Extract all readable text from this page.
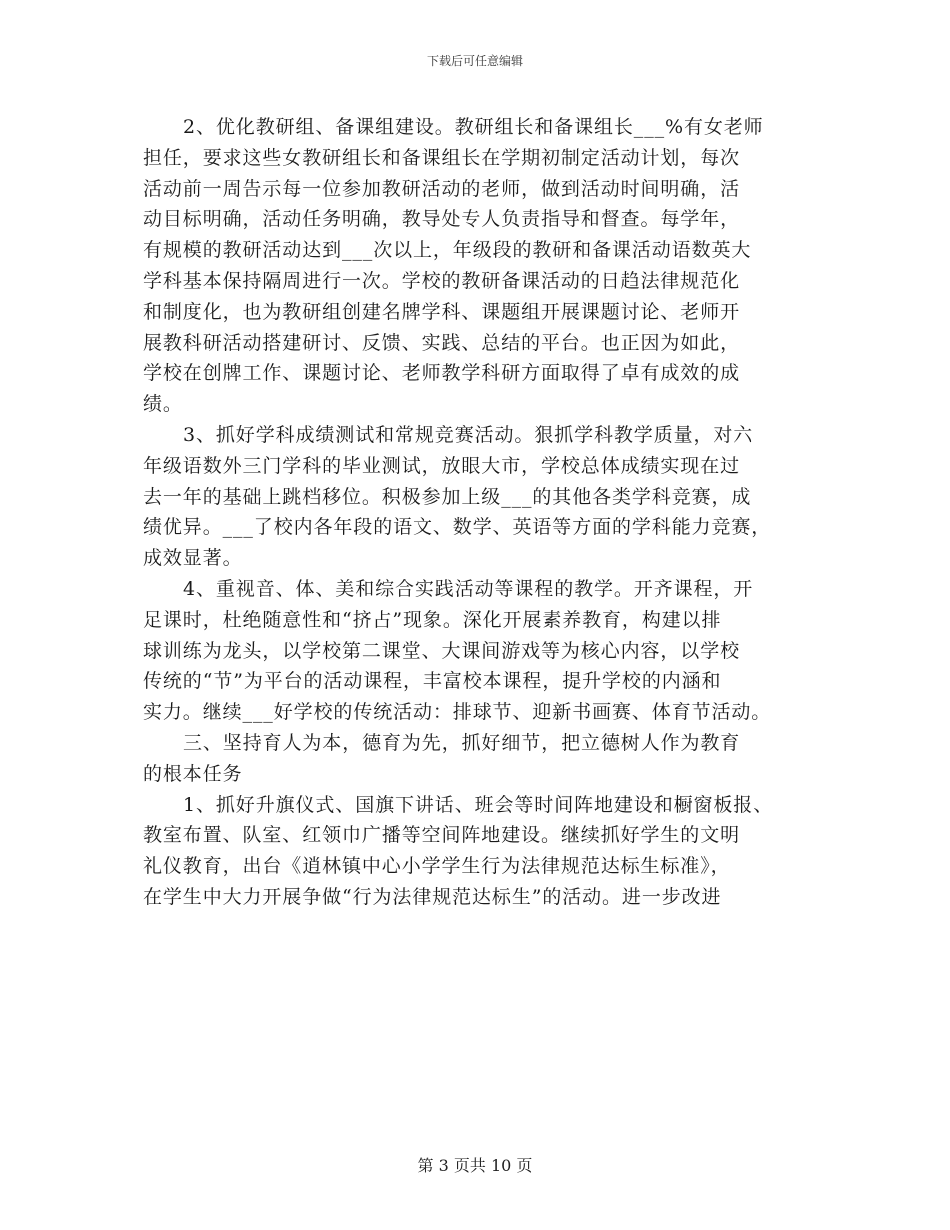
下载后可任意编辑

2、优化教研组、备课组建设。教研组长和备课组长___%有女老师
担任，要求这些女教研组长和备课组长在学期初制定活动计划，每次
活动前一周告示每一位参加教研活动的老师，做到活动时间明确，活
动目标明确，活动任务明确，教导处专人负责指导和督查。每学年，
有规模的教研活动达到___次以上，年级段的教研和备课活动语数英大
学科基本保持隔周进行一次。学校的教研备课活动的日趋法律规范化
和制度化，也为教研组创建名牌学科、课题组开展课题讨论、老师开
展教科研活动搭建研讨、反馈、实践、总结的平台。也正因为如此，
学校在创牌工作、课题讨论、老师教学科研方面取得了卓有成效的成
绩。

3、抓好学科成绩测试和常规竞赛活动。狠抓学科教学质量，对六
年级语数外三门学科的毕业测试，放眼大市，学校总体成绩实现在过
去一年的基础上跳档移位。积极参加上级___的其他各类学科竞赛，成
绩优异。___了校内各年段的语文、数学、英语等方面的学科能力竞赛，
成效显著。

4、重视音、体、美和综合实践活动等课程的教学。开齐课程，开
足课时，杜绝随意性和“挤占”现象。深化开展素养教育，构建以排
球训练为龙头，以学校第二课堂、大课间游戏等为核心内容，以学校
传统的“节”为平台的活动课程，丰富校本课程，提升学校的内涵和
实力。继续___好学校的传统活动：排球节、迎新书画赛、体育节活动。

三、坚持育人为本，德育为先，抓好细节，把立德树人作为教育
的根本任务

1、抓好升旗仪式、国旗下讲话、班会等时间阵地建设和橱窗板报、
教室布置、队室、红领巾广播等空间阵地建设。继续抓好学生的文明
礼仪教育，出台《逍林镇中心小学学生行为法律规范达标生标准》，
在学生中大力开展争做“行为法律规范达标生”的活动。进一步改进

第 3 页共 10 页
